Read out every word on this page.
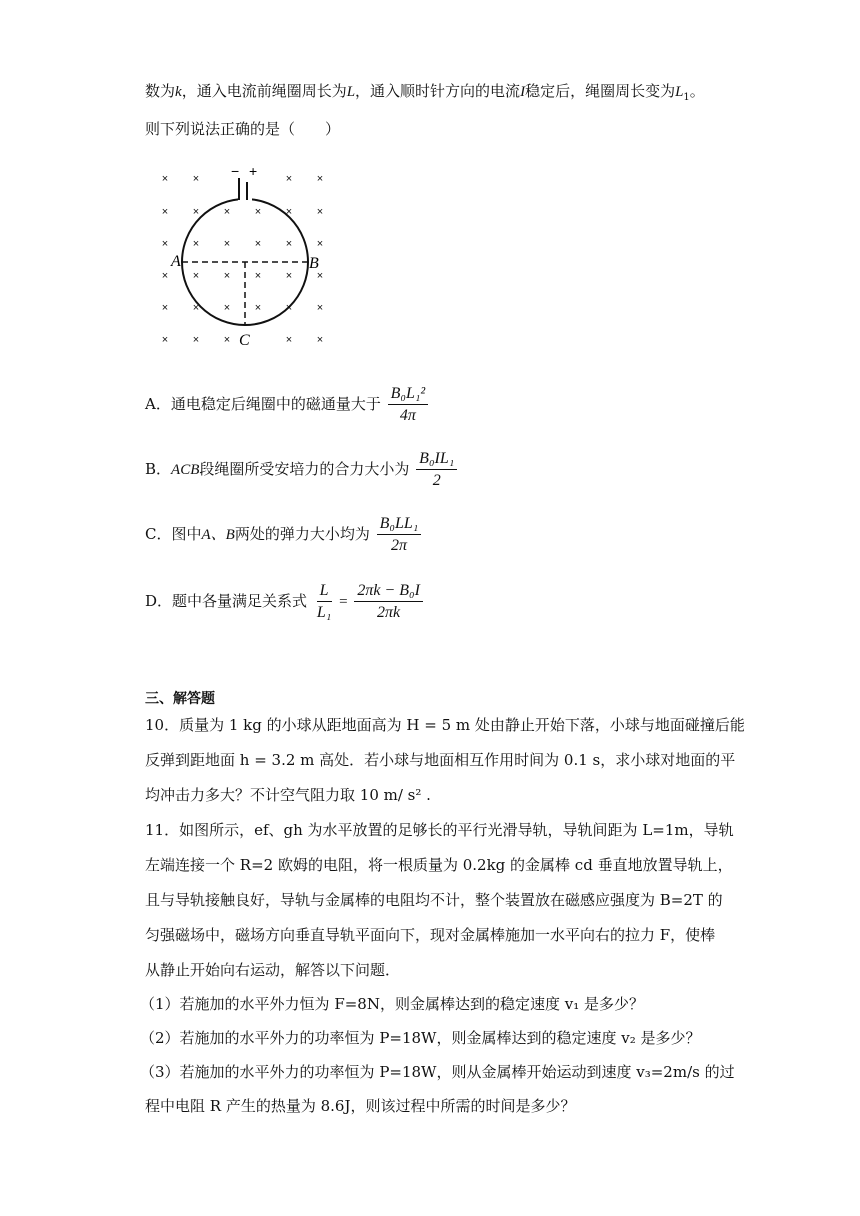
数为k，通入电流前绳圈周长为L，通入顺时针方向的电流I稳定后，绳圈周长变为$L_1$。
则下列说法正确的是（　　）
× ×	× ×
× × × × × ×
× × × × × ×
× × × × × ×
× × × × × ×
× × ×	× ×
− +
A	B
C
A．通电稳定后绳圈中的磁通量大于 $\frac{\text{B₀L₁²}}{4\pi}$
B．ACB段绳圈所受安培力的合力大小为 $\frac{\text{B₀IL₁}}{2}$
C．图中A、B两处的弹力大小均为 $\frac{\text{B₀LL₁}}{2\pi}$
D．题中各量满足关系式 $\frac{L}{\text{L₁}} = \frac{\text{2πk − B₀I}}{2\pi k}$
三、解答题
10．质量为 1 kg 的小球从距地面高为 H = 5 m 处由静止开始下落，小球与地面碰撞后能
反弹到距地面 h = 3.2 m 高处．若小球与地面相互作用时间为 0.1 s，求小球对地面的平
均冲击力多大？不计空气阻力取 10 m/ s² .
11．如图所示，ef、gh 为水平放置的足够长的平行光滑导轨，导轨间距为 L=1m，导轨
左端连接一个 R=2 欧姆的电阻，将一根质量为 0.2kg 的金属棒 cd 垂直地放置导轨上，
且与导轨接触良好，导轨与金属棒的电阻均不计，整个装置放在磁感应强度为 B=2T 的
匀强磁场中，磁场方向垂直导轨平面向下，现对金属棒施加一水平向右的拉力 F，使棒
从静止开始向右运动，解答以下问题．
（1）若施加的水平外力恒为 F=8N，则金属棒达到的稳定速度 v₁ 是多少？
（2）若施加的水平外力的功率恒为 P=18W，则金属棒达到的稳定速度 v₂ 是多少？
（3）若施加的水平外力的功率恒为 P=18W，则从金属棒开始运动到速度 v₃=2m/s 的过
程中电阻 R 产生的热量为 8.6J，则该过程中所需的时间是多少？
